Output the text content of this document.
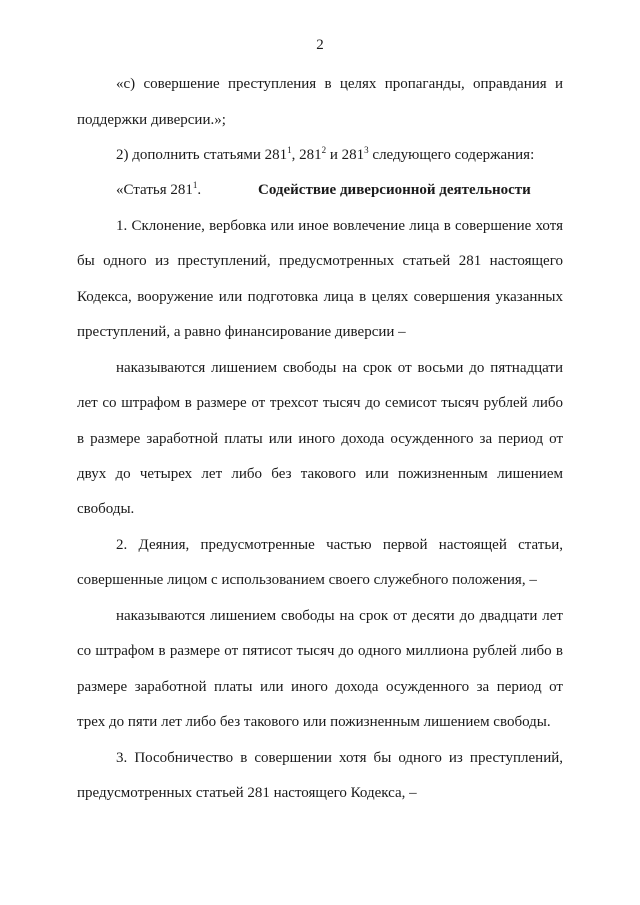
2
«с) совершение преступления в целях пропаганды, оправдания и
поддержки диверсии.»;
2) дополнить статьями $281^1$, $281^2$ и $281^3$ следующего содержания:
«Статья $281^1$.	Содействие диверсионной деятельности
1. Склонение, вербовка или иное вовлечение лица в совершение хотя
бы одного из преступлений, предусмотренных статьей 281 настоящего
Кодекса, вооружение или подготовка лица в целях совершения указанных
преступлений, а равно финансирование диверсии –
наказываются лишением свободы на срок от восьми до пятнадцати
лет со штрафом в размере от трехсот тысяч до семисот тысяч рублей либо
в размере заработной платы или иного дохода осужденного за период от
двух до четырех лет либо без такового или пожизненным лишением
свободы.
2. Деяния, предусмотренные частью первой настоящей статьи,
совершенные лицом с использованием своего служебного положения, –
наказываются лишением свободы на срок от десяти до двадцати лет
со штрафом в размере от пятисот тысяч до одного миллиона рублей либо в
размере заработной платы или иного дохода осужденного за период от
трех до пяти лет либо без такового или пожизненным лишением свободы.
3. Пособничество в совершении хотя бы одного из преступлений,
предусмотренных статьей 281 настоящего Кодекса, –
